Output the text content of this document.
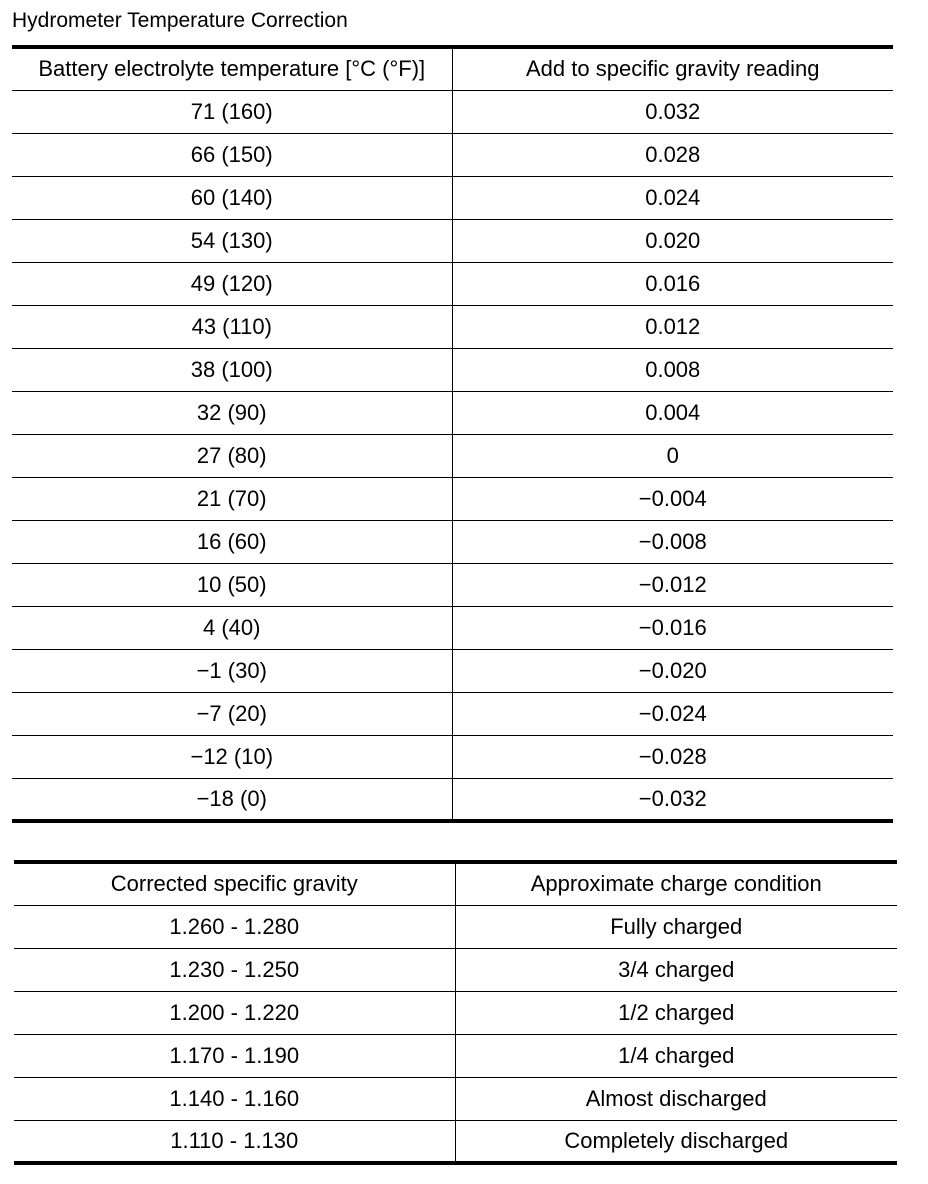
Hydrometer Temperature Correction
Battery electrolyte temperature [°C (°F)]	Add to specific gravity reading
71 (160)	0.032
66 (150)	0.028
60 (140)	0.024
54 (130)	0.020
49 (120)	0.016
43 (110)	0.012
38 (100)	0.008
32 (90)	0.004
27 (80)	0
21 (70)	−0.004
16 (60)	−0.008
10 (50)	−0.012
4 (40)	−0.016
−1 (30)	−0.020
−7 (20)	−0.024
−12 (10)	−0.028
−18 (0)	−0.032
Corrected specific gravity	Approximate charge condition
1.260 - 1.280	Fully charged
1.230 - 1.250	3/4 charged
1.200 - 1.220	1/2 charged
1.170 - 1.190	1/4 charged
1.140 - 1.160	Almost discharged
1.110 - 1.130	Completely discharged
